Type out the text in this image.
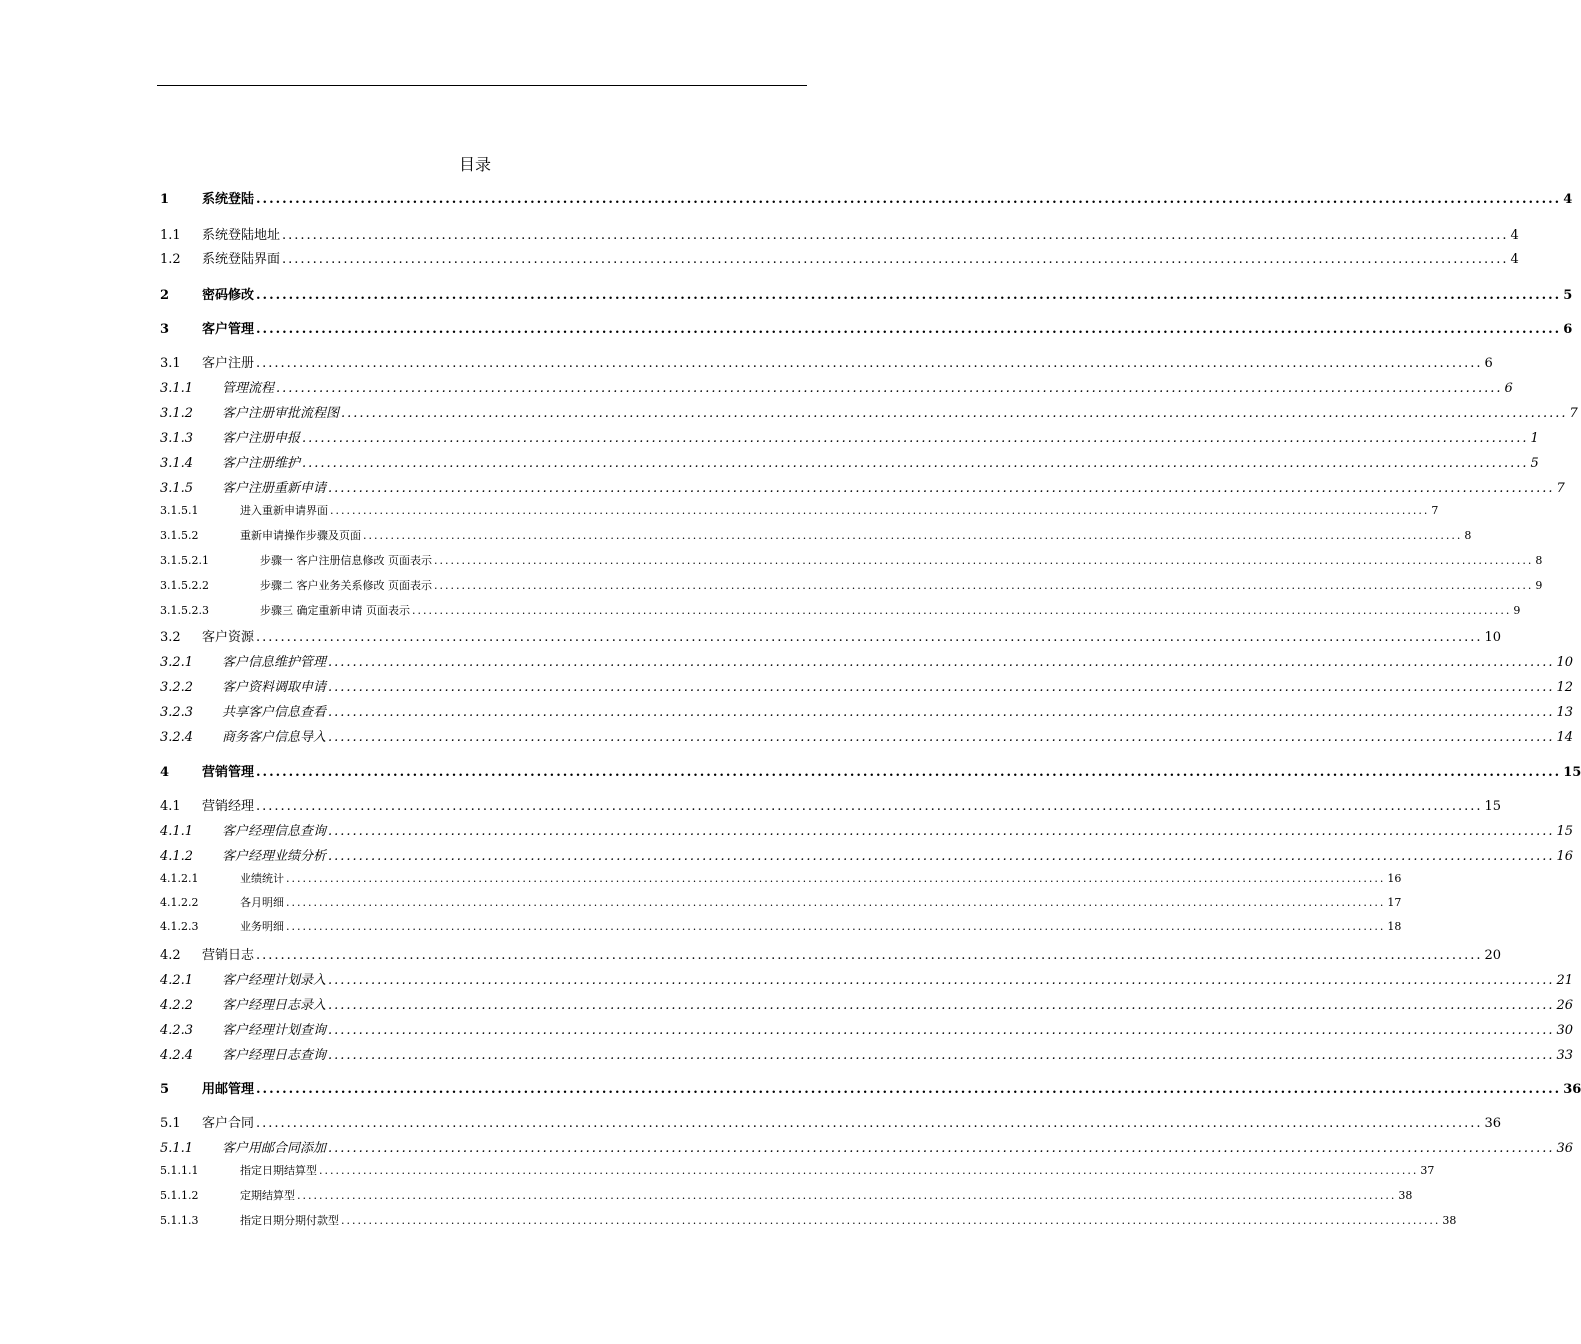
目录
1	系统登陆 ........................................................................................................................................................................................................ 4
1.1	系统登陆地址 ........................................................................................................................................................................................................ 4
1.2	系统登陆界面 ........................................................................................................................................................................................................ 4
2	密码修改 ........................................................................................................................................................................................................ 5
3	客户管理 ........................................................................................................................................................................................................ 6
3.1	客户注册 ........................................................................................................................................................................................................ 6
3.1.1	管理流程 ........................................................................................................................................................................................................ 6
3.1.2	客户注册审批流程图 ........................................................................................................................................................................................................ 7
3.1.3	客户注册申报 ........................................................................................................................................................................................................ 1
3.1.4	客户注册维护 ........................................................................................................................................................................................................ 5
3.1.5	客户注册重新申请 ........................................................................................................................................................................................................ 7
3.1.5.1	进入重新申请界面 ........................................................................................................................................................................................................ 7
3.1.5.2	重新申请操作步骤及页面 ........................................................................................................................................................................................................ 8
3.1.5.2.1	步骤一 客户注册信息修改 页面表示 ........................................................................................................................................................................................................ 8
3.1.5.2.2	步骤二 客户业务关系修改 页面表示 ........................................................................................................................................................................................................ 9
3.1.5.2.3	步骤三 确定重新申请 页面表示 ........................................................................................................................................................................................................ 9
3.2	客户资源 ........................................................................................................................................................................................................ 10
3.2.1	客户信息维护管理 ........................................................................................................................................................................................................ 10
3.2.2	客户资料调取申请 ........................................................................................................................................................................................................ 12
3.2.3	共享客户信息查看 ........................................................................................................................................................................................................ 13
3.2.4	商务客户信息导入 ........................................................................................................................................................................................................ 14
4	营销管理 ........................................................................................................................................................................................................ 15
4.1	营销经理 ........................................................................................................................................................................................................ 15
4.1.1	客户经理信息查询 ........................................................................................................................................................................................................ 15
4.1.2	客户经理业绩分析 ........................................................................................................................................................................................................ 16
4.1.2.1	业绩统计 ........................................................................................................................................................................................................ 16
4.1.2.2	各月明细 ........................................................................................................................................................................................................ 17
4.1.2.3	业务明细 ........................................................................................................................................................................................................ 18
4.2	营销日志 ........................................................................................................................................................................................................ 20
4.2.1	客户经理计划录入 ........................................................................................................................................................................................................ 21
4.2.2	客户经理日志录入 ........................................................................................................................................................................................................ 26
4.2.3	客户经理计划查询 ........................................................................................................................................................................................................ 30
4.2.4	客户经理日志查询 ........................................................................................................................................................................................................ 33
5	用邮管理 ........................................................................................................................................................................................................ 36
5.1	客户合同 ........................................................................................................................................................................................................ 36
5.1.1	客户用邮合同添加 ........................................................................................................................................................................................................ 36
5.1.1.1	指定日期结算型 ........................................................................................................................................................................................................ 37
5.1.1.2	定期结算型 ........................................................................................................................................................................................................ 38
5.1.1.3	指定日期分期付款型 ........................................................................................................................................................................................................ 38
